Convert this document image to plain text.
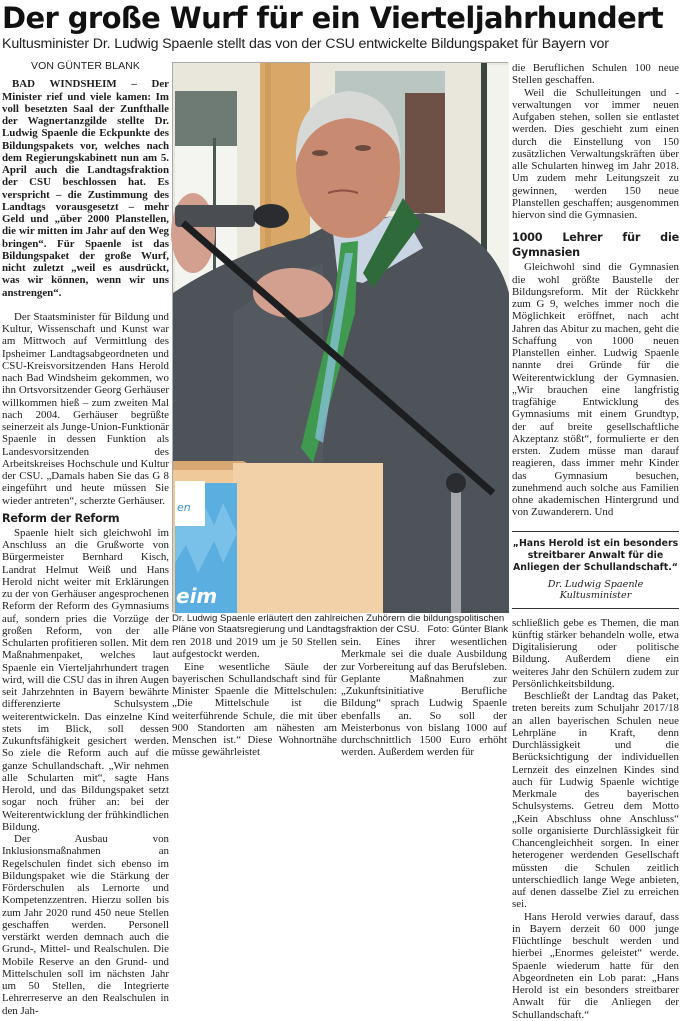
Der große Wurf für ein Vierteljahrhundert
Kultusminister Dr. Ludwig Spaenle stellt das von der CSU entwickelte Bildungspaket für Bayern vor
VON GÜNTER BLANK

BAD WINDSHEIM – Der Minister rief und viele kamen: Im voll besetzten Saal der Zunfthalle der Wagnertanzgilde stellte Dr. Ludwig Spaenle die Eckpunkte des Bildungspakets vor, welches nach dem Regierungskabinett nun am 5. April auch die Landtagsfraktion der CSU beschlossen hat. Es verspricht – die Zustimmung des Landtags vorausgesetzt – mehr Geld und „über 2000 Planstellen, die wir mitten im Jahr auf den Weg bringen“. Für Spaenle ist das Bildungspaket der große Wurf, nicht zuletzt „weil es ausdrückt, was wir können, wenn wir uns anstrengen“.

Der Staatsminister für Bildung und Kultur, Wissenschaft und Kunst war am Mittwoch auf Vermittlung des Ipsheimer Landtagsabgeordneten und CSU-Kreisvorsitzenden Hans Herold nach Bad Windsheim gekommen, wo ihn Ortsvorsitzender Georg Gerhäuser willkommen hieß – zum zweiten Mal nach 2004. Gerhäuser begrüßte seinerzeit als Junge-Union-Funktionär Spaenle in dessen Funktion als Landesvorsitzenden des Arbeitskreises Hochschule und Kultur der CSU. „Damals haben Sie das G 8 eingeführt und heute müssen Sie wieder antreten“, scherzte Gerhäuser.

Reform der Reform

Spaenle hielt sich gleichwohl im Anschluss an die Grußworte von Bürgermeister Bernhard Kisch, Landrat Helmut Weiß und Hans Herold nicht weiter mit Erklärungen zu der von Gerhäuser angesprochenen Reform der Reform des Gymnasiums auf, sondern pries die Vorzüge der großen Reform, von der alle Schularten profitieren sollen. Mit dem Maßnahmenpaket, welches laut Spaenle ein Vierteljahrhundert tragen wird, will die CSU das in ihren Augen seit Jahrzehnten in Bayern bewährte differenzierte Schulsystem weiterentwickeln. Das einzelne Kind stets im Blick, soll dessen Zukunftsfähigkeit gesichert werden. So ziele die Reform auch auf die ganze Schullandschaft. „Wir nehmen alle Schularten mit“, sagte Hans Herold, und das Bildungspaket setzt sogar noch früher an: bei der Weiterentwicklung der frühkindlichen Bildung.

Der Ausbau von Inklusionsmaßnahmen an Regelschulen findet sich ebenso im Bildungspaket wie die Stärkung der Förderschulen als Lernorte und Kompetenzzentren. Hierzu sollen bis zum Jahr 2020 rund 450 neue Stellen geschaffen werden. Personell verstärkt werden demnach auch die Grund-, Mittel- und Realschulen. Die Mobile Reserve an den Grund- und Mittelschulen soll im nächsten Jahr um 50 Stellen, die Integrierte Lehrerreserve an den Realschulen in den Jah-

en
eim
Dr. Ludwig Spaenle erläutert den zahlreichen Zuhörern die bildungspolitischen Pläne von Staatsregierung und Landtagsfraktion der CSU. Foto: Günter Blank

ren 2018 und 2019 um je 50 Stellen aufgestockt werden.

Eine wesentliche Säule der bayerischen Schullandschaft sind für Minister Spaenle die Mittelschulen: „Die Mittelschule ist die weiterführende Schule, die mit über 900 Standorten am nähesten am Menschen ist.“ Diese Wohnortnähe müsse gewährleistet

sein. Eines ihrer wesentlichen Merkmale sei die duale Ausbildung zur Vorbereitung auf das Berufsleben. Geplante Maßnahmen zur „Zukunftsinitiative Berufliche Bildung“ sprach Ludwig Spaenle ebenfalls an. So soll der Meisterbonus von bislang 1000 auf durchschnittlich 1500 Euro erhöht werden. Außerdem werden für

die Beruflichen Schulen 100 neue Stellen geschaffen.

Weil die Schulleitungen und -verwaltungen vor immer neuen Aufgaben stehen, sollen sie entlastet werden. Dies geschieht zum einen durch die Einstellung von 150 zusätzlichen Verwaltungskräften über alle Schularten hinweg im Jahr 2018. Um zudem mehr Leitungszeit zu gewinnen, werden 150 neue Planstellen geschaffen; ausgenommen hiervon sind die Gymnasien.

1000 Lehrer für die Gymnasien

Gleichwohl sind die Gymnasien die wohl größte Baustelle der Bildungsreform. Mit der Rückkehr zum G 9, welches immer noch die Möglichkeit eröffnet, nach acht Jahren das Abitur zu machen, geht die Schaffung von 1000 neuen Planstellen einher. Ludwig Spaenle nannte drei Gründe für die Weiterentwicklung der Gymnasien. „Wir brauchen eine langfristig tragfähige Entwicklung des Gymnasiums mit einem Grundtyp, der auf breite gesellschaftliche Akzeptanz stößt“, formulierte er den ersten. Zudem müsse man darauf reagieren, dass immer mehr Kinder das Gymnasium besuchen, zunehmend auch solche aus Familien ohne akademischen Hintergrund und von Zuwanderern. Und

„Hans Herold ist ein besonders streitbarer Anwalt für die Anliegen der Schullandschaft.“
Dr. Ludwig Spaenle
Kultusminister

schließlich gebe es Themen, die man künftig stärker behandeln wolle, etwa Digitalisierung oder politische Bildung. Außerdem diene ein weiteres Jahr den Schülern zudem zur Persönlichkeitsbildung.

Beschließt der Landtag das Paket, treten bereits zum Schuljahr 2017/18 an allen bayerischen Schulen neue Lehrpläne in Kraft, denn Durchlässigkeit und die Berücksichtigung der individuellen Lernzeit des einzelnen Kindes sind auch für Ludwig Spaenle wichtige Merkmale des bayerischen Schulsystems. Getreu dem Motto „Kein Abschluss ohne Anschluss“ solle organisierte Durchlässigkeit für Chancengleichheit sorgen. In einer heterogener werdenden Gesellschaft müssten die Schulen zeitlich unterschiedlich lange Wege anbieten, auf denen dasselbe Ziel zu erreichen sei.

Hans Herold verwies darauf, dass in Bayern derzeit 60 000 junge Flüchtlinge beschult werden und hierbei „Enormes geleistet“ werde. Spaenle wiederum hatte für den Abgeordneten ein Lob parat: „Hans Herold ist ein besonders streitbarer Anwalt für die Anliegen der Schullandschaft.“
